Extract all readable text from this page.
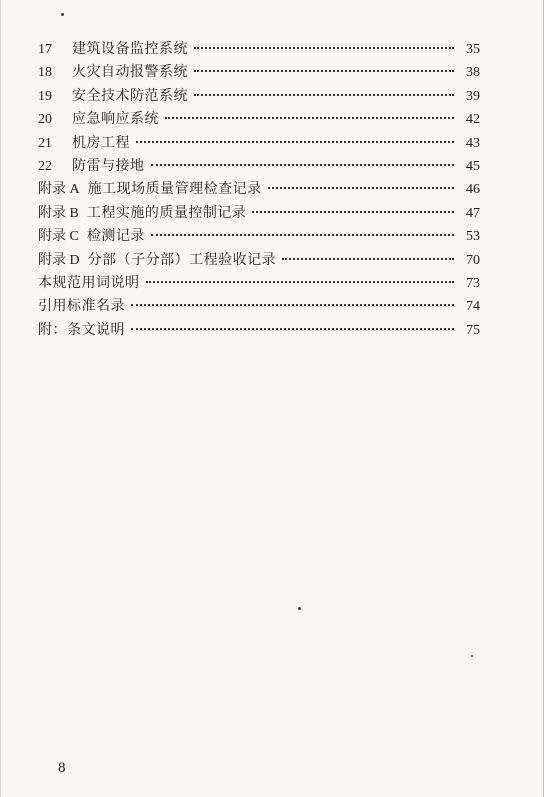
17	建筑设备监控系统	35
18	火灾自动报警系统	38
19	安全技术防范系统	39
20	应急响应系统	42
21	机房工程	43
22	防雷与接地	45
附录 A 施工现场质量管理检查记录	46
附录 B 工程实施的质量控制记录	47
附录 C 检测记录	53
附录 D 分部（子分部）工程验收记录	70
本规范用词说明	73
引用标准名录	74
附：条文说明	75
8
